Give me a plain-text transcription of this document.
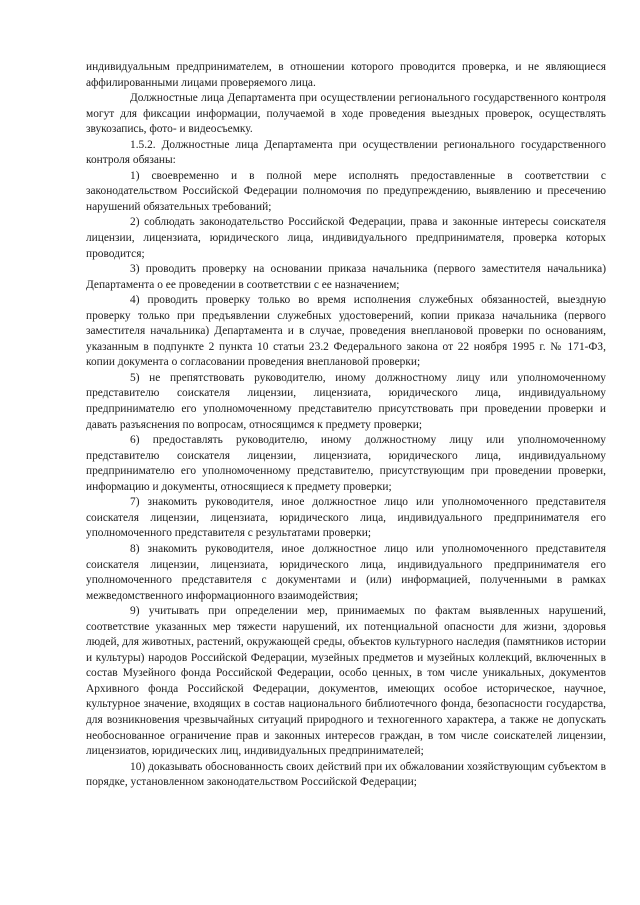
индивидуальным предпринимателем, в отношении которого проводится проверка, и не являющиеся аффилированными лицами проверяемого лица.

Должностные лица Департамента при осуществлении регионального государственного контроля могут для фиксации информации, получаемой в ходе проведения выездных проверок, осуществлять звукозапись, фото- и видеосъемку.

1.5.2. Должностные лица Департамента при осуществлении регионального государственного контроля обязаны:

1) своевременно и в полной мере исполнять предоставленные в соответствии с законодательством Российской Федерации полномочия по предупреждению, выявлению и пресечению нарушений обязательных требований;

2) соблюдать законодательство Российской Федерации, права и законные интересы соискателя лицензии, лицензиата, юридического лица, индивидуального предпринимателя, проверка которых проводится;

3) проводить проверку на основании приказа начальника (первого заместителя начальника) Департамента о ее проведении в соответствии с ее назначением;

4) проводить проверку только во время исполнения служебных обязанностей, выездную проверку только при предъявлении служебных удостоверений, копии приказа начальника (первого заместителя начальника) Департамента и в случае, проведения внеплановой проверки по основаниям, указанным в подпункте 2 пункта 10 статьи 23.2 Федерального закона от 22 ноября 1995 г. № 171-ФЗ, копии документа о согласовании проведения внеплановой проверки;

5) не препятствовать руководителю, иному должностному лицу или уполномоченному представителю соискателя лицензии, лицензиата, юридического лица, индивидуальному предпринимателю его уполномоченному представителю присутствовать при проведении проверки и давать разъяснения по вопросам, относящимся к предмету проверки;

6) предоставлять руководителю, иному должностному лицу или уполномоченному представителю соискателя лицензии, лицензиата, юридического лица, индивидуальному предпринимателю его уполномоченному представителю, присутствующим при проведении проверки, информацию и документы, относящиеся к предмету проверки;

7) знакомить руководителя, иное должностное лицо или уполномоченного представителя соискателя лицензии, лицензиата, юридического лица, индивидуального предпринимателя его уполномоченного представителя с результатами проверки;

8) знакомить руководителя, иное должностное лицо или уполномоченного представителя соискателя лицензии, лицензиата, юридического лица, индивидуального предпринимателя его уполномоченного представителя с документами и (или) информацией, полученными в рамках межведомственного информационного взаимодействия;

9) учитывать при определении мер, принимаемых по фактам выявленных нарушений, соответствие указанных мер тяжести нарушений, их потенциальной опасности для жизни, здоровья людей, для животных, растений, окружающей среды, объектов культурного наследия (памятников истории и культуры) народов Российской Федерации, музейных предметов и музейных коллекций, включенных в состав Музейного фонда Российской Федерации, особо ценных, в том числе уникальных, документов Архивного фонда Российской Федерации, документов, имеющих особое историческое, научное, культурное значение, входящих в состав национального библиотечного фонда, безопасности государства, для возникновения чрезвычайных ситуаций природного и техногенного характера, а также не допускать необоснованное ограничение прав и законных интересов граждан, в том числе соискателей лицензии, лицензиатов, юридических лиц, индивидуальных предпринимателей;

10) доказывать обоснованность своих действий при их обжаловании хозяйствующим субъектом в порядке, установленном законодательством Российской Федерации;
